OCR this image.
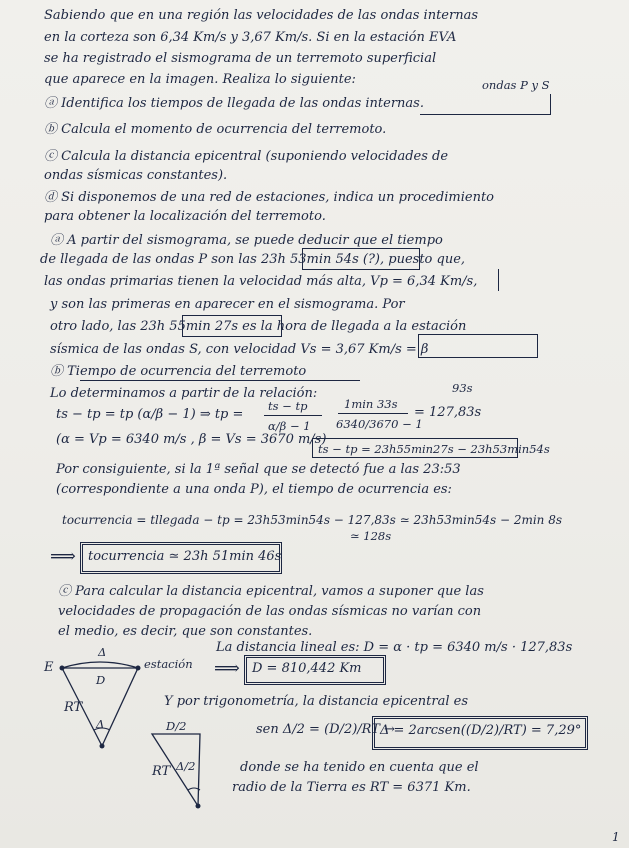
Sabiendo que en una región las velocidades de las ondas internas
en la corteza son 6,34 Km/s y 3,67 Km/s. Si en la estación EVA
se ha registrado el sismograma de un terremoto superficial
que aparece en la imagen. Realiza lo siguiente:	ondas P y S
ⓐ Identifica los tiempos de llegada de las ondas internas.
ⓑ Calcula el momento de ocurrencia del terremoto.
ⓒ Calcula la distancia epicentral (suponiendo velocidades de
ondas sísmicas constantes).
ⓓ Si disponemos de una red de estaciones, indica un procedimiento
para obtener la localización del terremoto.
ⓐ A partir del sismograma, se puede deducir que el tiempo
de llegada de las ondas P son las 23h 53min 54s (?), puesto que,
las ondas primarias tienen la velocidad más alta, Vp = 6,34 Km/s,
y son las primeras en aparecer en el sismograma. Por
otro lado, las 23h 55min 27s es la hora de llegada a la estación
sísmica de las ondas S, con velocidad Vs = 3,67 Km/s = β
ⓑ Tiempo de ocurrencia del terremoto
Lo determinamos a partir de la relación:	93s
ts − tp = tp (α/β − 1) ⇒ tp =
ts − tp
α/β − 1
1min 33s
6340/3670 − 1
= 127,83s
(α = Vp = 6340 m/s , β = Vs = 3670 m/s)
ts − tp = 23h55min27s − 23h53min54s
Por consiguiente, si la 1ª señal que se detectó fue a las 23:53
(correspondiente a una onda P), el tiempo de ocurrencia es:
tocurrencia = tllegada − tp = 23h53min54s − 127,83s ≃ 23h53min54s − 2min 8s
≃ 128s
⟹ tocurrencia ≃ 23h 51min 46s
ⓒ Para calcular la distancia epicentral, vamos a suponer que las
velocidades de propagación de las ondas sísmicas no varían con
el medio, es decir, que son constantes.
La distancia lineal es: D = α · tp = 6340 m/s · 127,83s
⟹ D = 810,442 Km
E	estación
Δ
D
RT
Δ	D/2
Δ/2
RT
Y por trigonometría, la distancia epicentral es
sen Δ/2 = (D/2)/RT →
Δ = 2arcsen((D/2)/RT) = 7,29°
donde se ha tenido en cuenta que el
radio de la Tierra es RT = 6371 Km.
1
